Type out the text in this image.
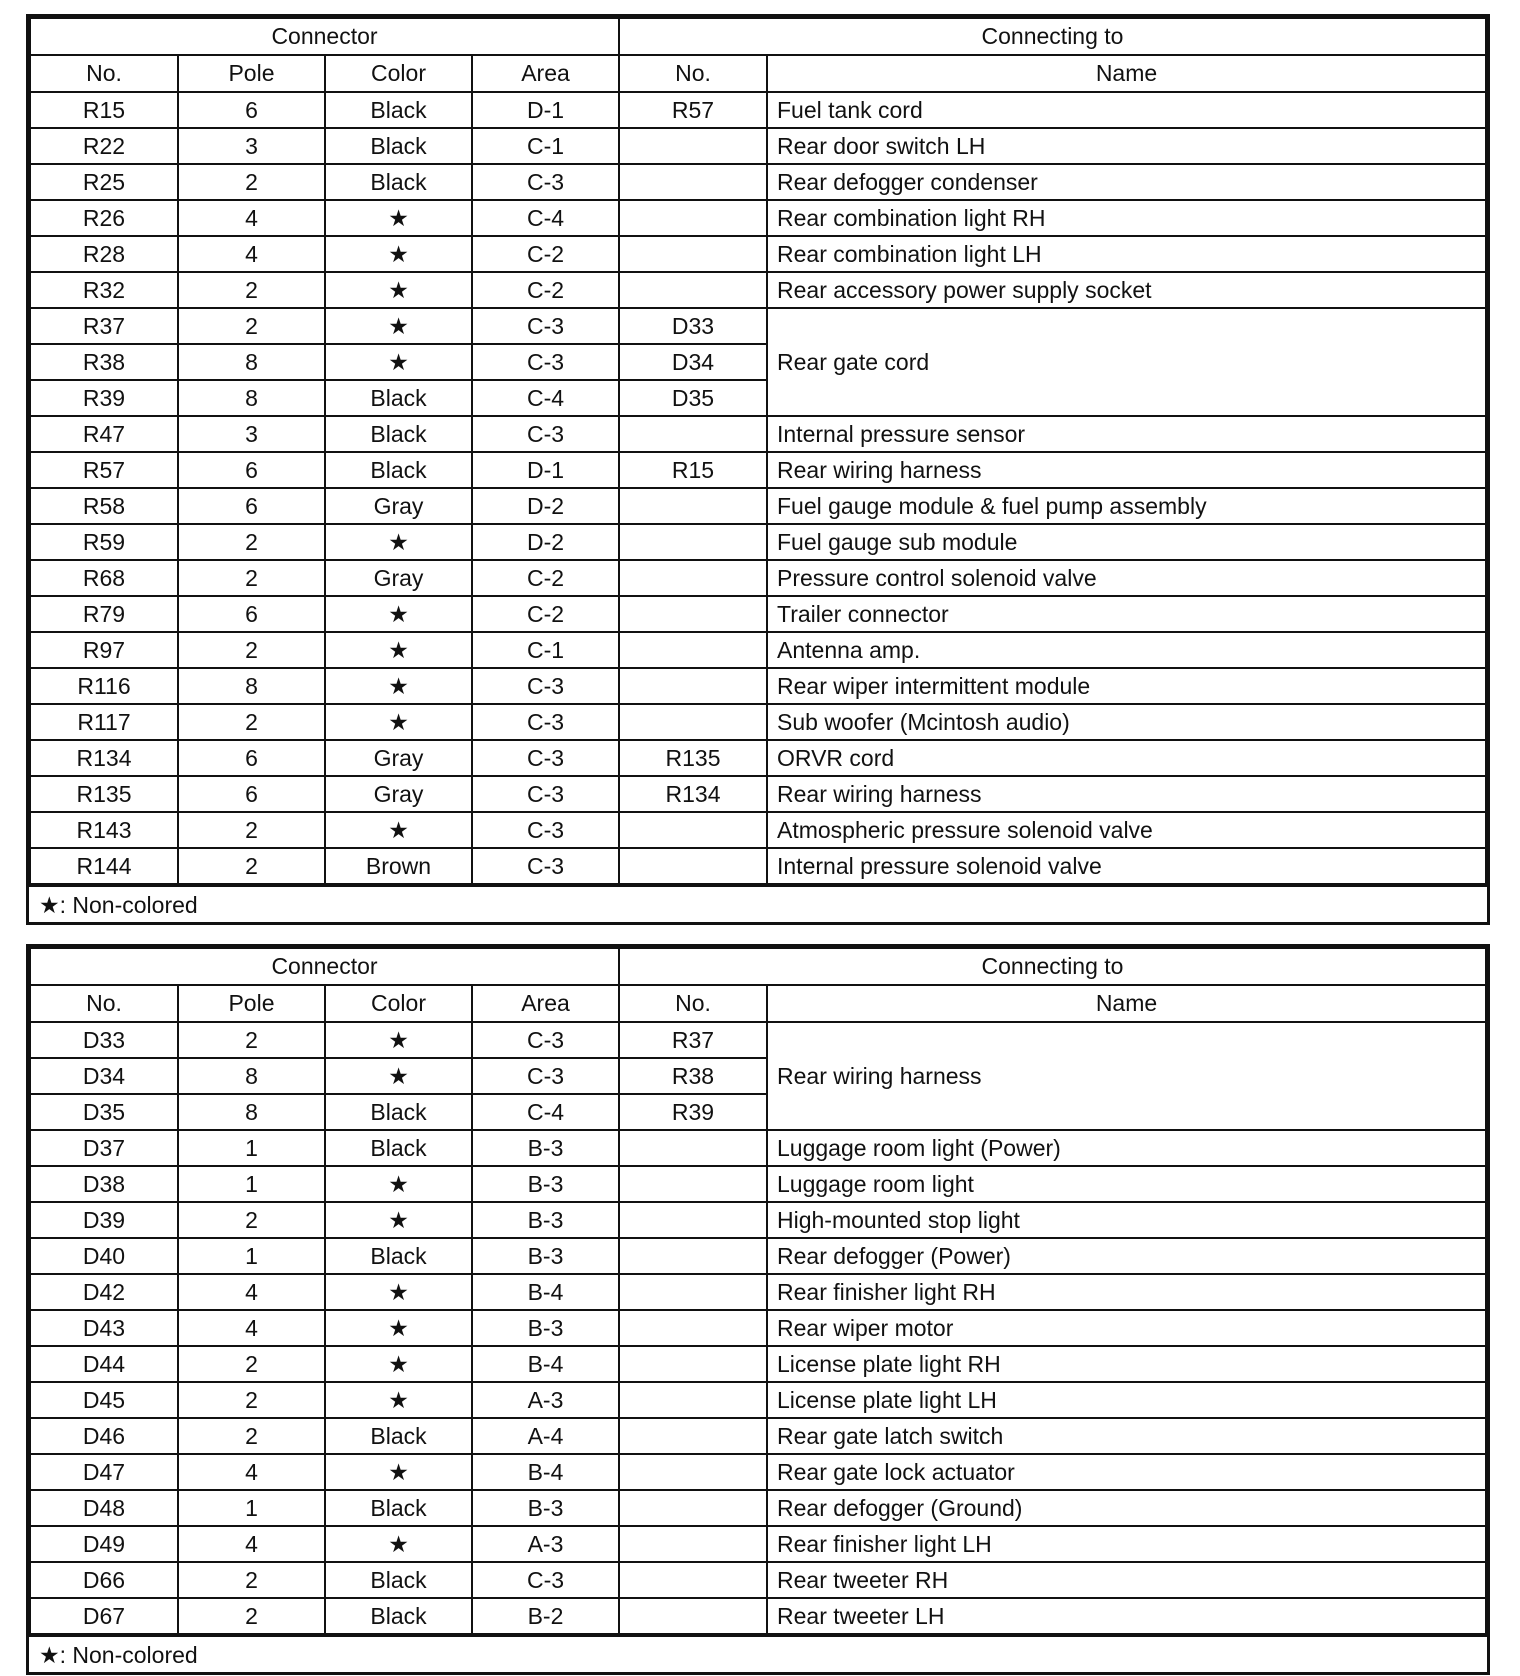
Connector				Connecting to	
No.	Pole	Color	Area	No.	Name
R15	6	Black	D-1	R57	Fuel tank cord
R22	3	Black	C-1		Rear door switch LH
R25	2	Black	C-3		Rear defogger condenser
R26	4	★	C-4		Rear combination light RH
R28	4	★	C-2		Rear combination light LH
R32	2	★	C-2		Rear accessory power supply socket
R37	2	★	C-3	D33	Rear gate cord
R38	8	★	C-3	D34	
R39	8	Black	C-4	D35	
R47	3	Black	C-3		Internal pressure sensor
R57	6	Black	D-1	R15	Rear wiring harness
R58	6	Gray	D-2		Fuel gauge module & fuel pump assembly
R59	2	★	D-2		Fuel gauge sub module
R68	2	Gray	C-2		Pressure control solenoid valve
R79	6	★	C-2		Trailer connector
R97	2	★	C-1		Antenna amp.
R116	8	★	C-3		Rear wiper intermittent module
R117	2	★	C-3		Sub woofer (Mcintosh audio)
R134	6	Gray	C-3	R135	ORVR cord
R135	6	Gray	C-3	R134	Rear wiring harness
R143	2	★	C-3		Atmospheric pressure solenoid valve
R144	2	Brown	C-3		Internal pressure solenoid valve
★: Non-colored
Connector				Connecting to	
No.	Pole	Color	Area	No.	Name
D33	2	★	C-3	R37	Rear wiring harness
D34	8	★	C-3	R38	
D35	8	Black	C-4	R39	
D37	1	Black	B-3		Luggage room light (Power)
D38	1	★	B-3		Luggage room light
D39	2	★	B-3		High-mounted stop light
D40	1	Black	B-3		Rear defogger (Power)
D42	4	★	B-4		Rear finisher light RH
D43	4	★	B-3		Rear wiper motor
D44	2	★	B-4		License plate light RH
D45	2	★	A-3		License plate light LH
D46	2	Black	A-4		Rear gate latch switch
D47	4	★	B-4		Rear gate lock actuator
D48	1	Black	B-3		Rear defogger (Ground)
D49	4	★	A-3		Rear finisher light LH
D66	2	Black	C-3		Rear tweeter RH
D67	2	Black	B-2		Rear tweeter LH
★: Non-colored
